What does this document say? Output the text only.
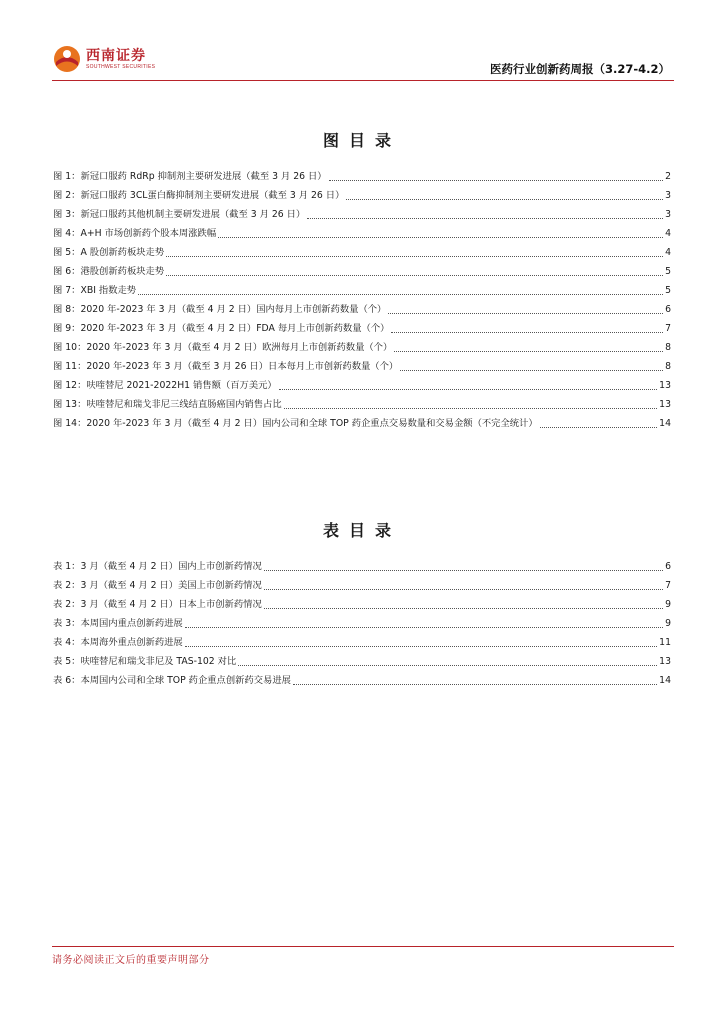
西南证券
SOUTHWEST SECURITIES	医药行业创新药周报（3.27-4.2）
图目录
图 1：新冠口服药 RdRp 抑制剂主要研发进展（截至 3 月 26 日）	2
图 2：新冠口服药 3CL蛋白酶抑制剂主要研发进展（截至 3 月 26 日）	3
图 3：新冠口服药其他机制主要研发进展（截至 3 月 26 日）	3
图 4：A+H 市场创新药个股本周涨跌幅	4
图 5：A 股创新药板块走势	4
图 6：港股创新药板块走势	5
图 7：XBI 指数走势	5
图 8：2020 年-2023 年 3 月（截至 4 月 2 日）国内每月上市创新药数量（个）	6
图 9：2020 年-2023 年 3 月（截至 4 月 2 日）FDA 每月上市创新药数量（个）	7
图 10：2020 年-2023 年 3 月（截至 4 月 2 日）欧洲每月上市创新药数量（个）	8
图 11：2020 年-2023 年 3 月（截至 3 月 26 日）日本每月上市创新药数量（个）	8
图 12：呋喹替尼 2021-2022H1 销售额（百万美元）	13
图 13：呋喹替尼和瑞戈非尼三线结直肠癌国内销售占比	13
图 14：2020 年-2023 年 3 月（截至 4 月 2 日）国内公司和全球 TOP 药企重点交易数量和交易金额（不完全统计）	14
表目录
表 1：3 月（截至 4 月 2 日）国内上市创新药情况	6
表 2：3 月（截至 4 月 2 日）美国上市创新药情况	7
表 2：3 月（截至 4 月 2 日）日本上市创新药情况	9
表 3：本周国内重点创新药进展	9
表 4：本周海外重点创新药进展	11
表 5：呋喹替尼和瑞戈非尼及 TAS-102 对比	13
表 6：本周国内公司和全球 TOP 药企重点创新药交易进展	14
请务必阅读正文后的重要声明部分
